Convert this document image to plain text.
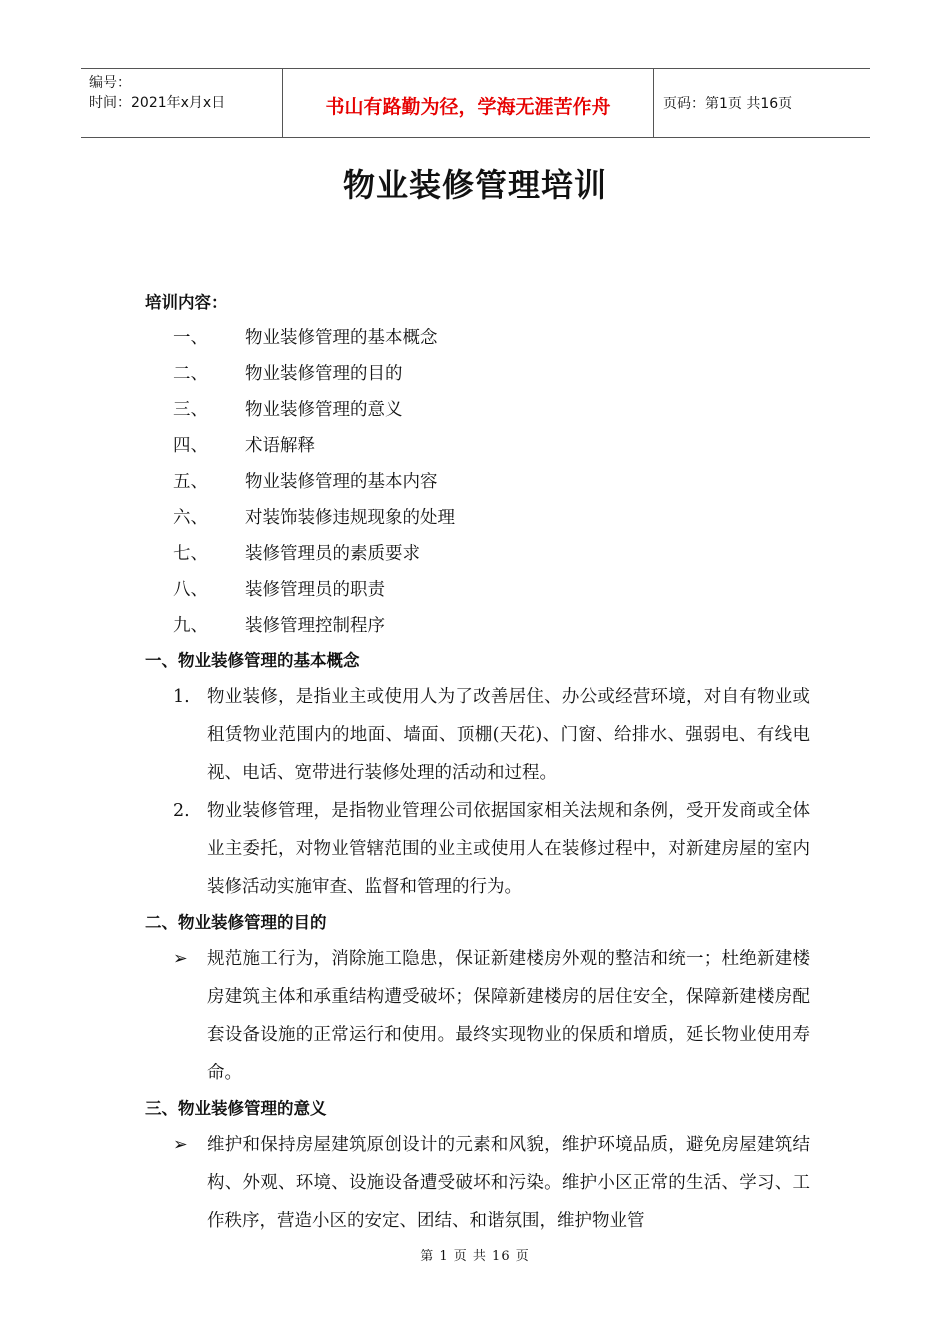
编号：
时间：2021年x月x日	书山有路勤为径，学海无涯苦作舟	页码：第1页 共16页
物业装修管理培训
培训内容：
一、 物业装修管理的基本概念
二、 物业装修管理的目的
三、 物业装修管理的意义
四、 术语解释
五、 物业装修管理的基本内容
六、 对装饰装修违规现象的处理
七、 装修管理员的素质要求
八、 装修管理员的职责
九、 装修管理控制程序
一、物业装修管理的基本概念
1. 物业装修，是指业主或使用人为了改善居住、办公或经营环境，对自有物业或租赁物业范围内的地面、墙面、顶棚(天花)、门窗、给排水、强弱电、有线电视、电话、宽带进行装修处理的活动和过程。
2. 物业装修管理，是指物业管理公司依据国家相关法规和条例，受开发商或全体业主委托，对物业管辖范围的业主或使用人在装修过程中，对新建房屋的室内装修活动实施审查、监督和管理的行为。
二、物业装修管理的目的
➢ 规范施工行为，消除施工隐患，保证新建楼房外观的整洁和统一；杜绝新建楼房建筑主体和承重结构遭受破坏；保障新建楼房的居住安全，保障新建楼房配套设备设施的正常运行和使用。最终实现物业的保质和增质，延长物业使用寿命。
三、物业装修管理的意义
➢ 维护和保持房屋建筑原创设计的元素和风貌，维护环境品质，避免房屋建筑结构、外观、环境、设施设备遭受破坏和污染。维护小区正常的生活、学习、工作秩序，营造小区的安定、团结、和谐氛围，维护物业管
第 1 页 共 16 页
